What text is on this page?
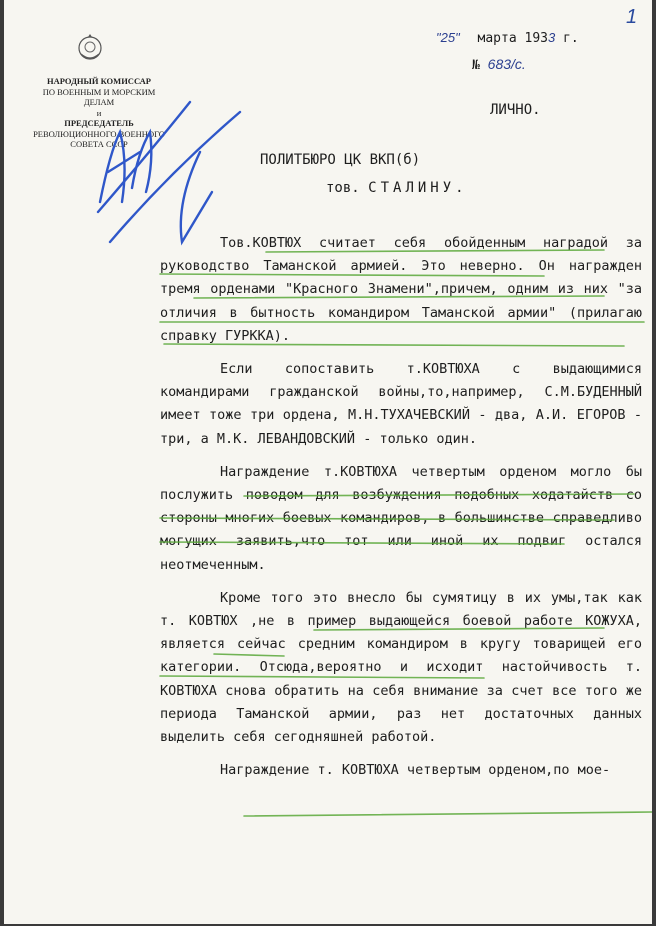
НАРОДНЫЙ КОМИССАР
ПО ВОЕННЫМ И МОРСКИМ
ДЕЛАМ
и
ПРЕДСЕДАТЕЛЬ
РЕВОЛЮЦИОННОГО ВОЕННОГО
СОВЕТА СССР
1
"25" марта 1933 г.
№ 683/с.
ЛИЧНО.
ПОЛИТБЮРО ЦК ВКП(б)
тов. СТАЛИНУ.

Тов.КОВТЮХ считает себя обойденным наградой за руководство Таманской армией. Это неверно. Он награжден тремя орденами "Красного Знамени",причем, одним из них "за отличия в бытность командиром Таманской армии" (прилагаю справку ГУРККА).

Если сопоставить т.КОВТЮХА с выдающимися командирами гражданской войны,то,например, С.М.БУДЕННЫЙ имеет тоже три ордена, М.Н.ТУХАЧЕВСКИЙ - два, А.И. ЕГОРОВ - три, а М.К. ЛЕВАНДОВСКИЙ - только один.

Награждение т.КОВТЮХА четвертым орденом могло бы послужить поводом для возбуждения подобных ходатайств со стороны многих боевых командиров, в большинстве справедливо могущих заявить,что тот или иной их подвиг остался неотмеченным.

Кроме того это внесло бы сумятицу в их умы,так как т. КОВТЮХ ,не в пример выдающейся боевой работе КОЖУХА, является сейчас средним командиром в кругу товарищей его категории. Отсюда,вероятно и исходит настойчивость т. КОВТЮХА снова обратить на себя внимание за счет все того же периода Таманской армии, раз нет достаточных данных выделить себя сегодняшней работой.

Награждение т. КОВТЮХА четвертым орденом,по мое-
